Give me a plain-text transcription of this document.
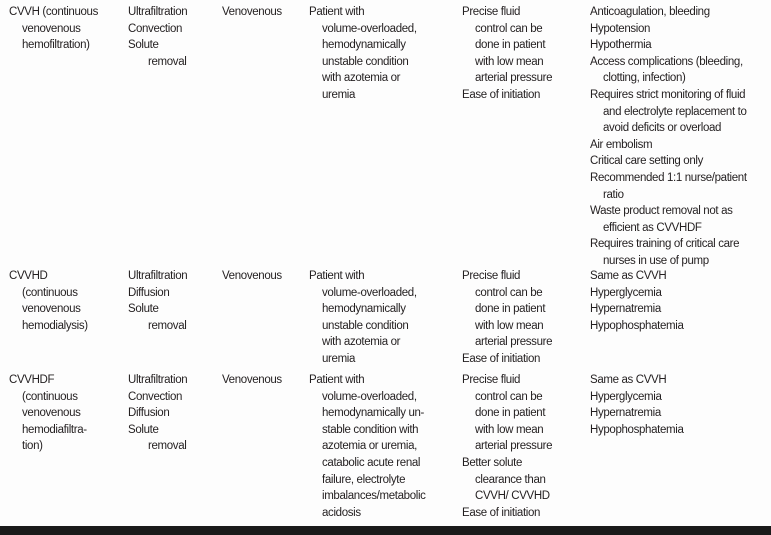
CVVH (continuous
venovenous
hemofiltration)
Ultrafiltration
Convection
Solute
removal
Venovenous Patient with
volume-overloaded,
hemodynamically
unstable condition
with azotemia or
uremia
Precise fluid
control can be
done in patient
with low mean
arterial pressure
Ease of initiation
Anticoagulation, bleeding
Hypotension
Hypothermia
Access complications (bleeding,
clotting, infection)
Requires strict monitoring of fluid
and electrolyte replacement to
avoid deficits or overload
Air embolism
Critical care setting only
Recommended 1:1 nurse/patient
ratio
Waste product removal not as
efficient as CVVHDF
Requires training of critical care
nurses in use of pump
CVVHD
(continuous
venovenous
hemodialysis)
Ultrafiltration
Diffusion
Solute
removal
Venovenous Patient with
volume-overloaded,
hemodynamically
unstable condition
with azotemia or
uremia
Precise fluid
control can be
done in patient
with low mean
arterial pressure
Ease of initiation
Same as CVVH
Hyperglycemia
Hypernatremia
Hypophosphatemia
CVVHDF
(continuous
venovenous
hemodiafiltra-
tion)
Ultrafiltration
Convection
Diffusion
Solute
removal
Venovenous Patient with
volume-overloaded,
hemodynamically un-
stable condition with
azotemia or uremia,
catabolic acute renal
failure, electrolyte
imbalances/metabolic
acidosis
Precise fluid
control can be
done in patient
with low mean
arterial pressure
Better solute
clearance than
CVVH/ CVVHD
Ease of initiation
Same as CVVH
Hyperglycemia
Hypernatremia
Hypophosphatemia
